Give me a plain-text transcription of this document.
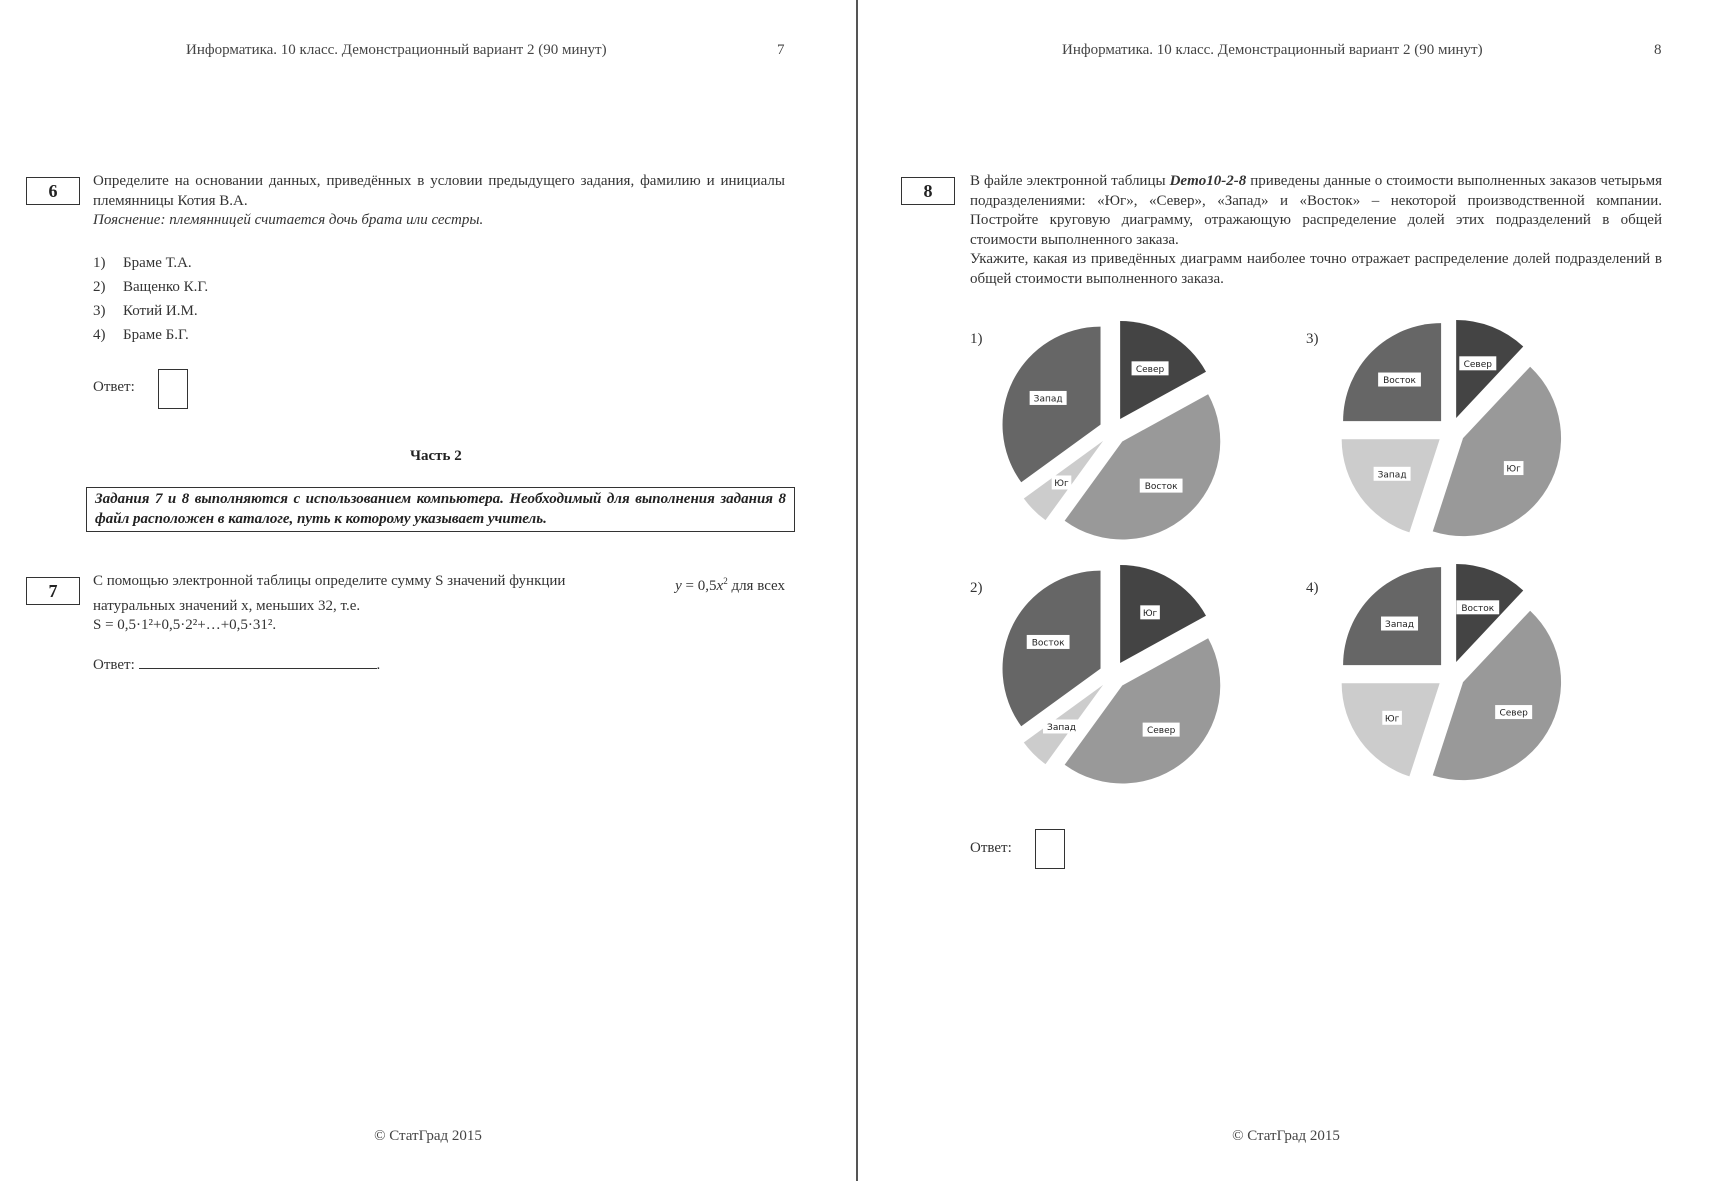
Информатика. 10 класс. Демонстрационный вариант 2 (90 минут)	7
6	Определите на основании данных, приведённых в условии предыдущего задания, фамилию и инициалы племянницы Котия В.А.
Пояснение: племянницей считается дочь брата или сестры.
1) Браме Т.А.
2) Ващенко К.Г.
3) Котий И.М.
4) Браме Б.Г.
Ответ:
Часть 2
Задания 7 и 8 выполняются с использованием компьютера. Необходимый для выполнения задания 8 файл расположен в каталоге, путь к которому указывает учитель.
7	С помощью электронной таблицы определите сумму S значений функции	$y = 0,5x^2$ для всех
натуральных значений x, меньших 32, т.е.
S = 0,5·1²+0,5·2²+…+0,5·31².
Ответ:	.
© СтатГрад 2015
Информатика. 10 класс. Демонстрационный вариант 2 (90 минут)	8
8	В файле электронной таблицы Demo10-2-8 приведены данные о стоимости выполненных заказов четырьмя подразделениями: «Юг», «Север», «Запад» и «Восток» – некоторой производственной компании. Постройте круговую диаграмму, отражающую распределение долей этих подразделений в общей стоимости выполненного заказа.
Укажите, какая из приведённых диаграмм наиболее точно отражает распределение долей подразделений в общей стоимости выполненного заказа.
1)	3)
2)	4)
Север
Восток
Юг
Запад
Север
Юг
Запад
Восток
Юг
Север
Запад
Восток
Восток
Север
Юг
Запад
Ответ:
© СтатГрад 2015
